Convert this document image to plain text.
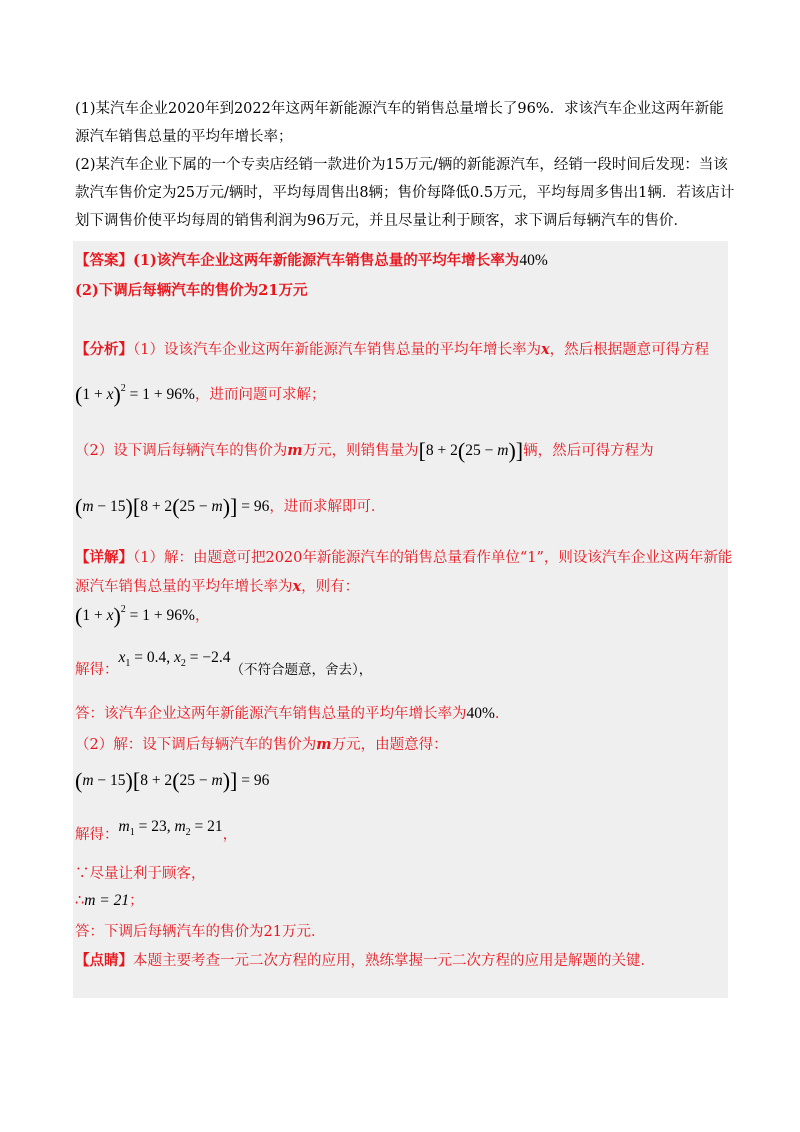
(1)某汽车企业2020年到2022年这两年新能源汽车的销售总量增长了96%．求该汽车企业这两年新能源汽车销售总量的平均年增长率；

(2)某汽车企业下属的一个专卖店经销一款进价为15万元/辆的新能源汽车，经销一段时间后发现：当该款汽车售价定为25万元/辆时，平均每周售出8辆；售价每降低0.5万元，平均每周多售出1辆．若该店计划下调售价使平均每周的销售利润为96万元，并且尽量让利于顾客，求下调后每辆汽车的售价．

【答案】(1)该汽车企业这两年新能源汽车销售总量的平均年增长率为40%
(2)下调后每辆汽车的售价为21万元
【分析】（1）设该汽车企业这两年新能源汽车销售总量的平均年增长率为x，然后根据题意可得方程
$(1 + x)^2 = 1 + 96\%$，进而问题可求解；
（2）设下调后每辆汽车的售价为m万元，则销售量为[8 + 2(25 − m)]辆，然后可得方程为
(m − 15)[8 + 2(25 − m)] = 96，进而求解即可．
【详解】（1）解：由题意可把2020年新能源汽车的销售总量看作单位“1”，则设该汽车企业这两年新能
源汽车销售总量的平均年增长率为x，则有：
$(1 + x)^2 = 1 + 96\%$，
解得：$x_1 = 0.4$, $x_2 = -2.4$（不符合题意，舍去），
答：该汽车企业这两年新能源汽车销售总量的平均年增长率为40%．
（2）解：设下调后每辆汽车的售价为m万元，由题意得：
(m − 15)[8 + 2(25 − m)] = 96
解得：$m_1 = 23$, $m_2 = 21$，
∵尽量让利于顾客，
∴m = 21；
答：下调后每辆汽车的售价为21万元．
【点睛】本题主要考查一元二次方程的应用，熟练掌握一元二次方程的应用是解题的关键．
